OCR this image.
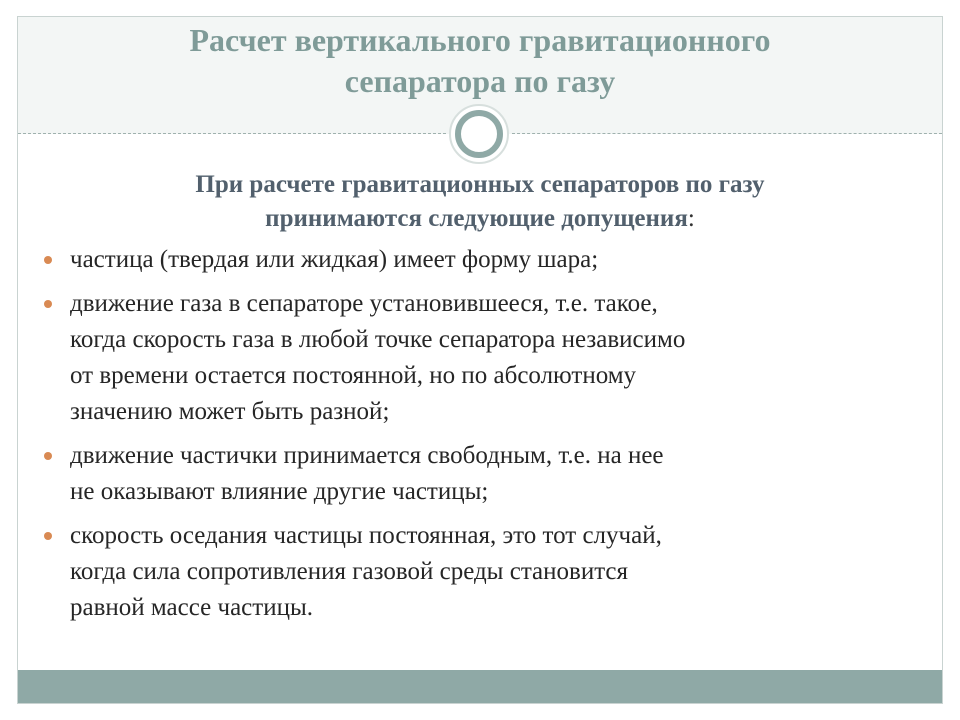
Расчет вертикального гравитационного
сепаратора по газу

При расчете гравитационных сепараторов по газу
принимаются следующие допущения:

частица (твердая или жидкая) имеет форму шара;
движение газа в сепараторе установившееся, т.е. такое,
когда скорость газа в любой точке сепаратора независимо
от времени остается постоянной, но по абсолютному
значению может быть разной;
движение частички принимается свободным, т.е. на нее
не оказывают влияние другие частицы;
скорость оседания частицы постоянная, это тот случай,
когда сила сопротивления газовой среды становится
равной массе частицы.
